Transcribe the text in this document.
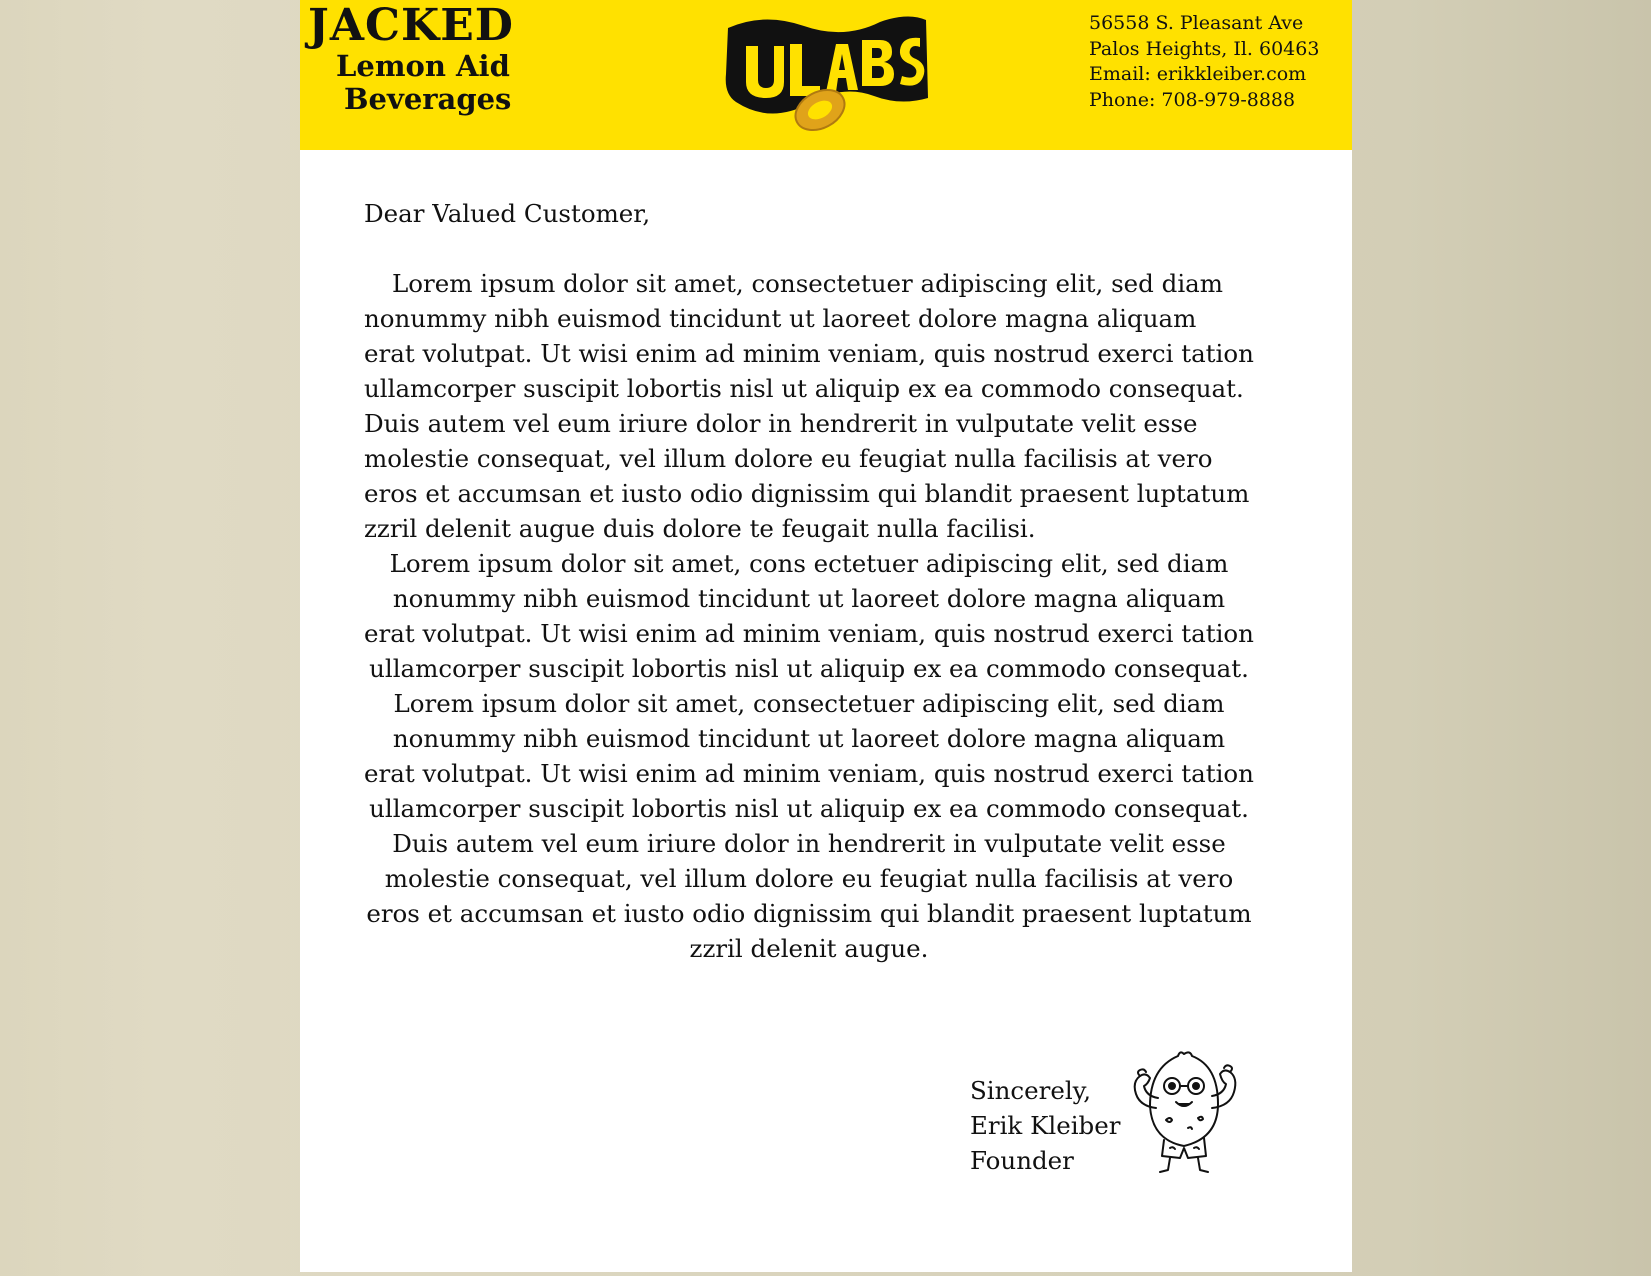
JACKED
Lemon Aid
Beverages
56558 S. Pleasant Ave
Palos Heights, Il. 60463
Email: erikkleiber.com
Phone: 708-979-8888

Dear Valued Customer,

Lorem ipsum dolor sit amet, consectetuer adipiscing elit, sed diam nonummy nibh euismod tincidunt ut laoreet dolore magna aliquam erat volutpat. Ut wisi enim ad minim veniam, quis nostrud exerci tation ullamcorper suscipit lobortis nisl ut aliquip ex ea commodo consequat. Duis autem vel eum iriure dolor in hendrerit in vulputate velit esse molestie consequat, vel illum dolore eu feugiat nulla facilisis at vero eros et accumsan et iusto odio dignissim qui blandit praesent luptatum zzril delenit augue duis dolore te feugait nulla facilisi.

Lorem ipsum dolor sit amet, cons ectetuer adipiscing elit, sed diam nonummy nibh euismod tincidunt ut laoreet dolore magna aliquam erat volutpat. Ut wisi enim ad minim veniam, quis nostrud exerci tation ullamcorper suscipit lobortis nisl ut aliquip ex ea commodo consequat.

Lorem ipsum dolor sit amet, consectetuer adipiscing elit, sed diam nonummy nibh euismod tincidunt ut laoreet dolore magna aliquam erat volutpat. Ut wisi enim ad minim veniam, quis nostrud exerci tation ullamcorper suscipit lobortis nisl ut aliquip ex ea commodo consequat. Duis autem vel eum iriure dolor in hendrerit in vulputate velit esse molestie consequat, vel illum dolore eu feugiat nulla facilisis at vero eros et accumsan et iusto odio dignissim qui blandit praesent luptatum zzril delenit augue.

Sincerely,
Erik Kleiber
Founder
